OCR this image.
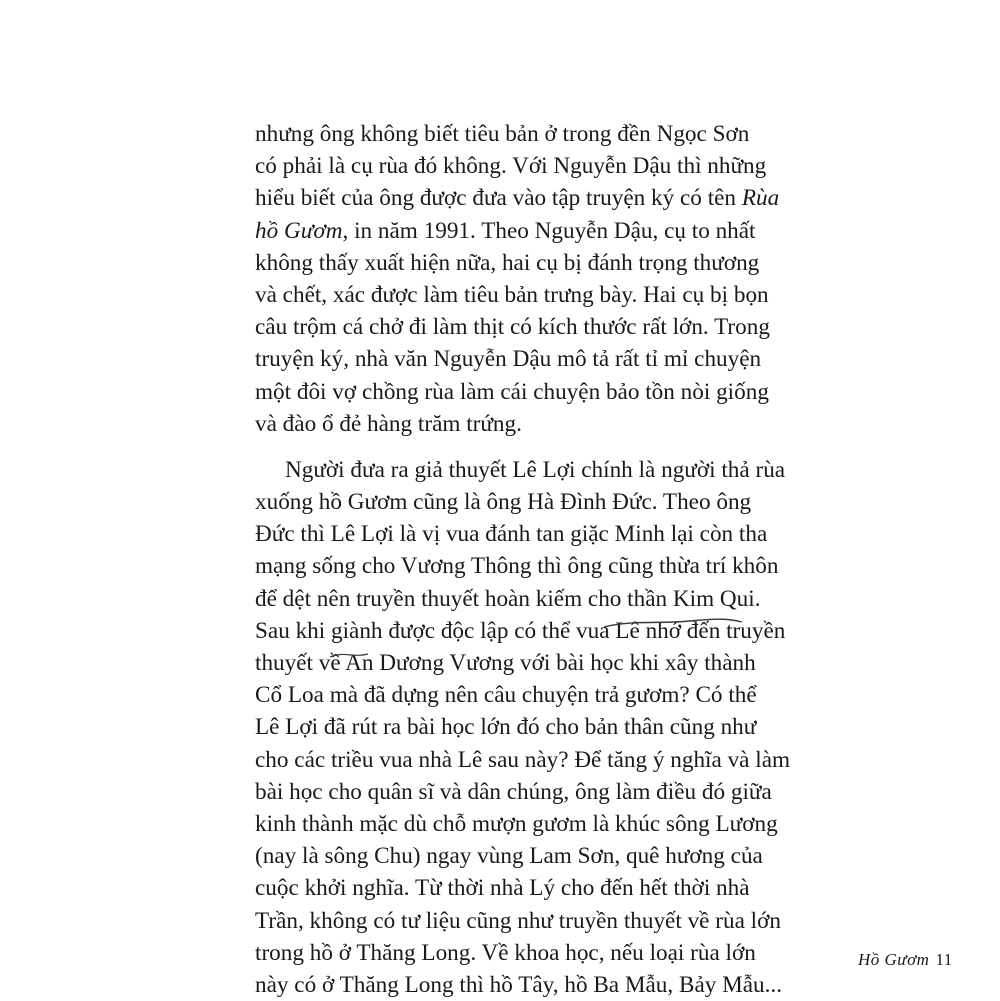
nhưng ông không biết tiêu bản ở trong đền Ngọc Sơn
có phải là cụ rùa đó không. Với Nguyễn Dậu thì những
hiểu biết của ông được đưa vào tập truyện ký có tên Rùa
hồ Gươm, in năm 1991. Theo Nguyễn Dậu, cụ to nhất
không thấy xuất hiện nữa, hai cụ bị đánh trọng thương
và chết, xác được làm tiêu bản trưng bày. Hai cụ bị bọn
câu trộm cá chở đi làm thịt có kích thước rất lớn. Trong
truyện ký, nhà văn Nguyễn Dậu mô tả rất tỉ mỉ chuyện
một đôi vợ chồng rùa làm cái chuyện bảo tồn nòi giống
và đào ổ đẻ hàng trăm trứng.
Người đưa ra giả thuyết Lê Lợi chính là người thả rùa
xuống hồ Gươm cũng là ông Hà Đình Đức. Theo ông
Đức thì Lê Lợi là vị vua đánh tan giặc Minh lại còn tha
mạng sống cho Vương Thông thì ông cũng thừa trí khôn
để dệt nên truyền thuyết hoàn kiếm cho thần Kim Qui.
Sau khi giành được độc lập có thể vua Lê nhớ đến truyền
thuyết về An Dương Vương với bài học khi xây thành
Cổ Loa mà đã dựng nên câu chuyện trả gươm? Có thể
Lê Lợi đã rút ra bài học lớn đó cho bản thân cũng như
cho các triều vua nhà Lê sau này? Để tăng ý nghĩa và làm
bài học cho quân sĩ và dân chúng, ông làm điều đó giữa
kinh thành mặc dù chỗ mượn gươm là khúc sông Lương
(nay là sông Chu) ngay vùng Lam Sơn, quê hương của
cuộc khởi nghĩa. Từ thời nhà Lý cho đến hết thời nhà
Trần, không có tư liệu cũng như truyền thuyết về rùa lớn
trong hồ ở Thăng Long. Về khoa học, nếu loại rùa lớn
này có ở Thăng Long thì hồ Tây, hồ Ba Mẫu, Bảy Mẫu...
Hồ Gươm 11
